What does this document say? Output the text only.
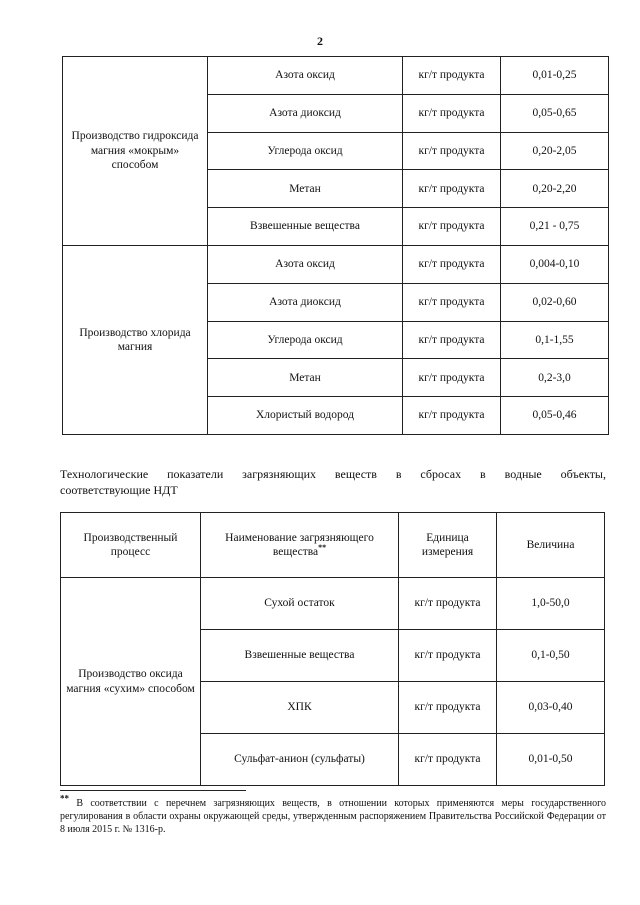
2
Производство гидроксида магния «мокрым» способом	Азота оксид	кг/т продукта	0,01-0,25
	Азота диоксид	кг/т продукта	0,05-0,65
	Углерода оксид	кг/т продукта	0,20-2,05
	Метан	кг/т продукта	0,20-2,20
	Взвешенные вещества	кг/т продукта	0,21 - 0,75
Производство хлорида магния	Азота оксид	кг/т продукта	0,004-0,10
	Азота диоксид	кг/т продукта	0,02-0,60
	Углерода оксид	кг/т продукта	0,1-1,55
	Метан	кг/т продукта	0,2-3,0
	Хлористый водород	кг/т продукта	0,05-0,46
Технологические показатели загрязняющих веществ в сбросах в водные объекты,
соответствующие НДТ
Производственный процесс	Наименование загрязняющего вещества**	Единица измерения	Величина
Производство оксида магния «сухим» способом	Сухой остаток	кг/т продукта	1,0-50,0
	Взвешенные вещества	кг/т продукта	0,1-0,50
	ХПК	кг/т продукта	0,03-0,40
	Сульфат-анион (сульфаты)	кг/т продукта	0,01-0,50
** В соответствии с перечнем загрязняющих веществ, в отношении которых применяются меры государственного регулирования в области охраны окружающей среды, утвержденным распоряжением Правительства Российской Федерации от 8 июля 2015 г. № 1316-р.
